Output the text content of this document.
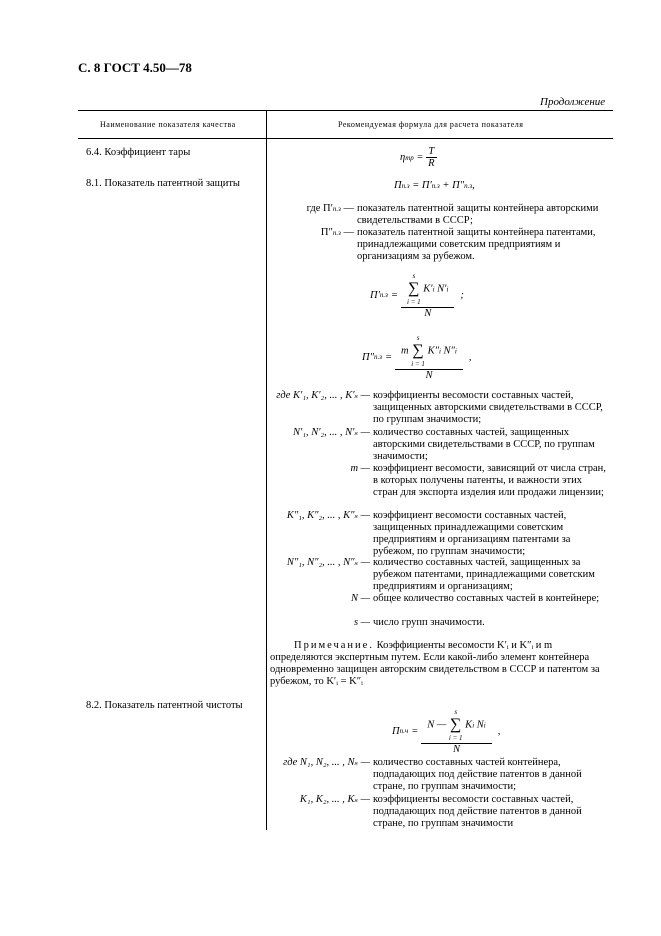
С. 8 ГОСТ 4.50—78
Продолжение
Наименование показателя качества	Рекомендуемая формула для расчета показателя
6.4. Коэффициент тары
8.1. Показатель патентной защиты
8.2. Показатель патентной чистоты
$\eta тр = \frac{T}{R}$
Пп.з = П′п.з + П″п.з,
где П′п.з — показатель патентной защиты контейнера авторскими свидетельствами в СССР;
П″п.з — показатель патентной защиты контейнера патентами, принадлежащими советским предприятиям и организациям за рубежом.
П′ п.з = s
∑
i = 1
K′i N′i
N ;
П″ п.з =
m
s
∑
i = 1
K″i N″i
N
,
где K′₁, K′₂, ... , K′ₛ — коэффициенты весомости составных частей, защищенных авторскими свидетельствами в СССР, по группам значимости;
N′₁, N′₂, ... , N′ₛ — количество составных частей, защищенных авторскими свидетельствами в СССР, по группам значимости;
m — коэффициент весомости, зависящий от числа стран, в которых получены патенты, и важности этих стран для экспорта изделия или продажи лицензии;
K″₁, K″₂, ... , K″ₛ — коэффициент весомости составных частей, защищенных принадлежащими советским предприятиям и организациям патентами за рубежом, по группам значимости;
N″₁, N″₂, ... , N″ₛ — количество составных частей, защищенных за рубежом патентами, принадлежащими советским предприятиям и организациям;
N — общее количество составных частей в контейнере;
s — число групп значимости.
Примечание. Коэффициенты весомости K′ᵢ и K″ᵢ и m определяются экспертным путем. Если какой-либо элемент контейнера одновременно защищен авторским свидетельством в СССР и патентом за рубежом, то K′ᵢ = K″ᵢ
П п.ч =
N —
s
∑
i = 1
Ki Ni
N
,
где N₁, N₂, ... , Nₛ — количество составных частей контейнера, подпадающих под действие патентов в данной стране, по группам значимости;
K₁, K₂, ... , Kₛ — коэффициенты весомости составных частей, подпадающих под действие патентов в данной стране, по группам значимости
